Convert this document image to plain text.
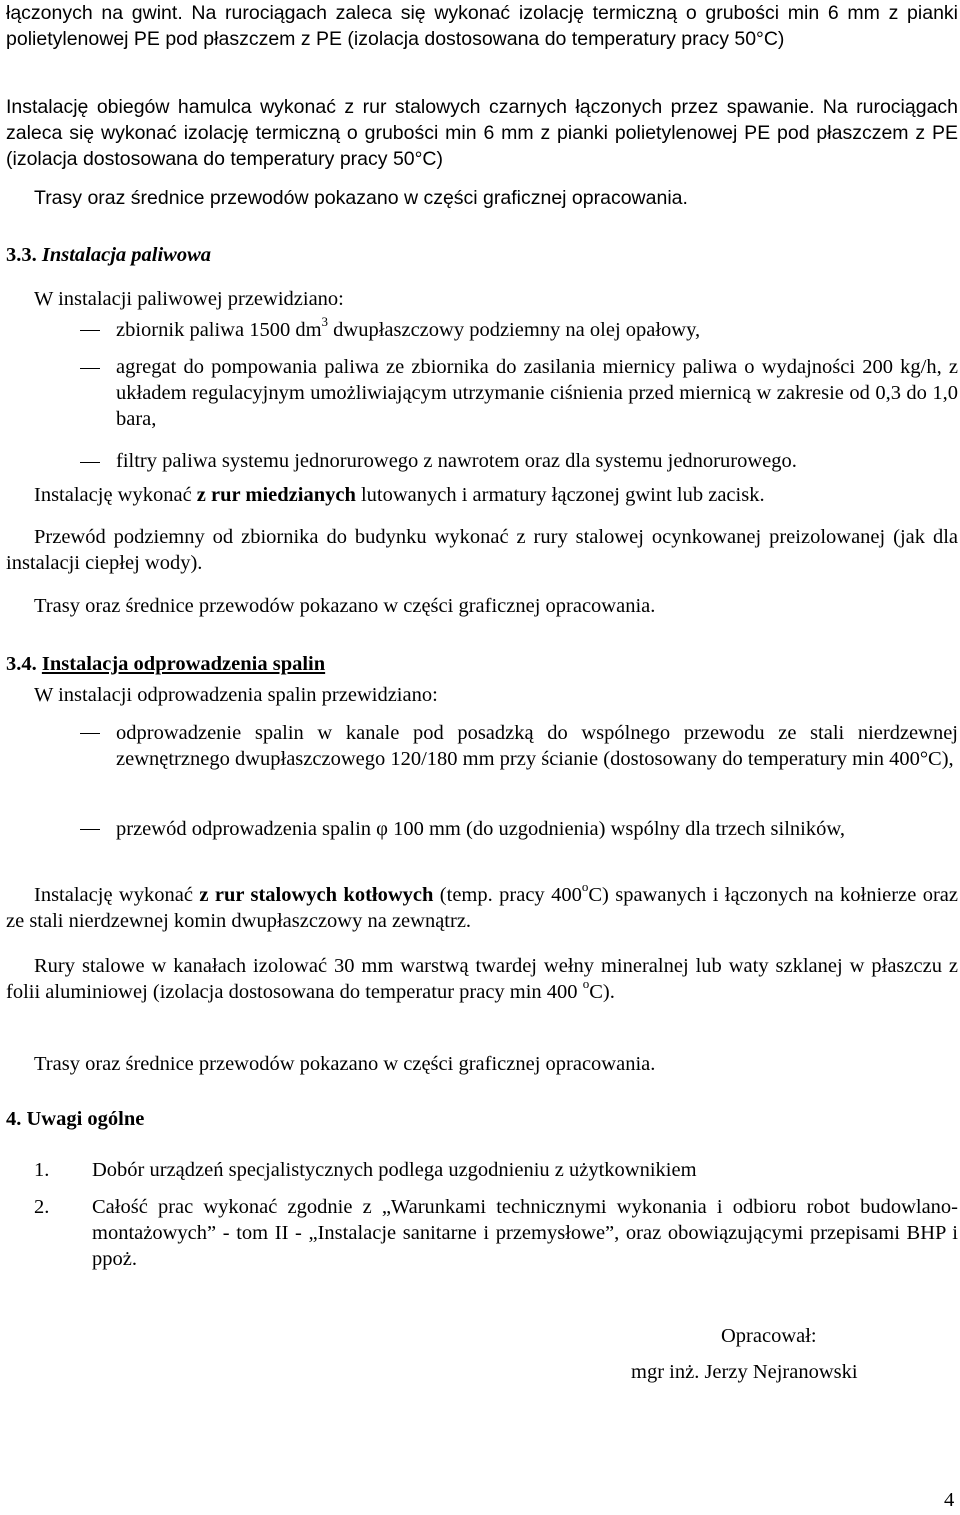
łączonych na gwint. Na rurociągach zaleca się wykonać izolację termiczną o grubości min 6 mm z pianki polietylenowej PE pod płaszczem z PE (izolacja dostosowana do temperatury pracy 50°C)

Instalację obiegów hamulca wykonać z rur stalowych czarnych łączonych przez spawanie. Na rurociągach zaleca się wykonać izolację termiczną o grubości min 6 mm z pianki polietylenowej PE pod płaszczem z PE (izolacja dostosowana do temperatury pracy 50°C)

Trasy oraz średnice przewodów pokazano w części graficznej opracowania.

3.3. Instalacja paliwowa

W instalacji paliwowej przewidziano:

zbiornik paliwa 1500 $dm^3$ dwupłaszczowy podziemny na olej opałowy,

agregat do pompowania paliwa ze zbiornika do zasilania miernicy paliwa o wydajności 200 kg/h, z układem regulacyjnym umożliwiającym utrzymanie ciśnienia przed miernicą w zakresie od 0,3 do 1,0 bara,

filtry paliwa systemu jednorurowego z nawrotem oraz dla systemu jednorurowego.

Instalację wykonać z rur miedzianych lutowanych i armatury łączonej gwint lub zacisk.

Przewód podziemny od zbiornika do budynku wykonać z rury stalowej ocynkowanej preizolowanej (jak dla instalacji ciepłej wody).

Trasy oraz średnice przewodów pokazano w części graficznej opracowania.

3.4. Instalacja odprowadzenia spalin

W instalacji odprowadzenia spalin przewidziano:

odprowadzenie spalin w kanale pod posadzką do wspólnego przewodu ze stali nierdzewnej zewnętrznego dwupłaszczowego 120/180 mm przy ścianie (dostosowany do temperatury min 400°C),

przewód odprowadzenia spalin φ 100 mm (do uzgodnienia) wspólny dla trzech silników,

Instalację wykonać z rur stalowych kotłowych (temp. pracy 400$^o$C) spawanych i łączonych na kołnierze oraz ze stali nierdzewnej komin dwupłaszczowy na zewnątrz.

Rury stalowe w kanałach izolować 30 mm warstwą twardej wełny mineralnej lub waty szklanej w płaszczu z folii aluminiowej (izolacja dostosowana do temperatur pracy min 400 $^o$C).

Trasy oraz średnice przewodów pokazano w części graficznej opracowania.

4. Uwagi ogólne

1. Dobór urządzeń specjalistycznych podlega uzgodnieniu z użytkownikiem

2. Całość prac wykonać zgodnie z „Warunkami technicznymi wykonania i odbioru robot budowlano-montażowych” - tom II - „Instalacje sanitarne i przemysłowe”, oraz obowiązującymi przepisami BHP i ppoż.

Opracował:
mgr inż. Jerzy Nejranowski
4
